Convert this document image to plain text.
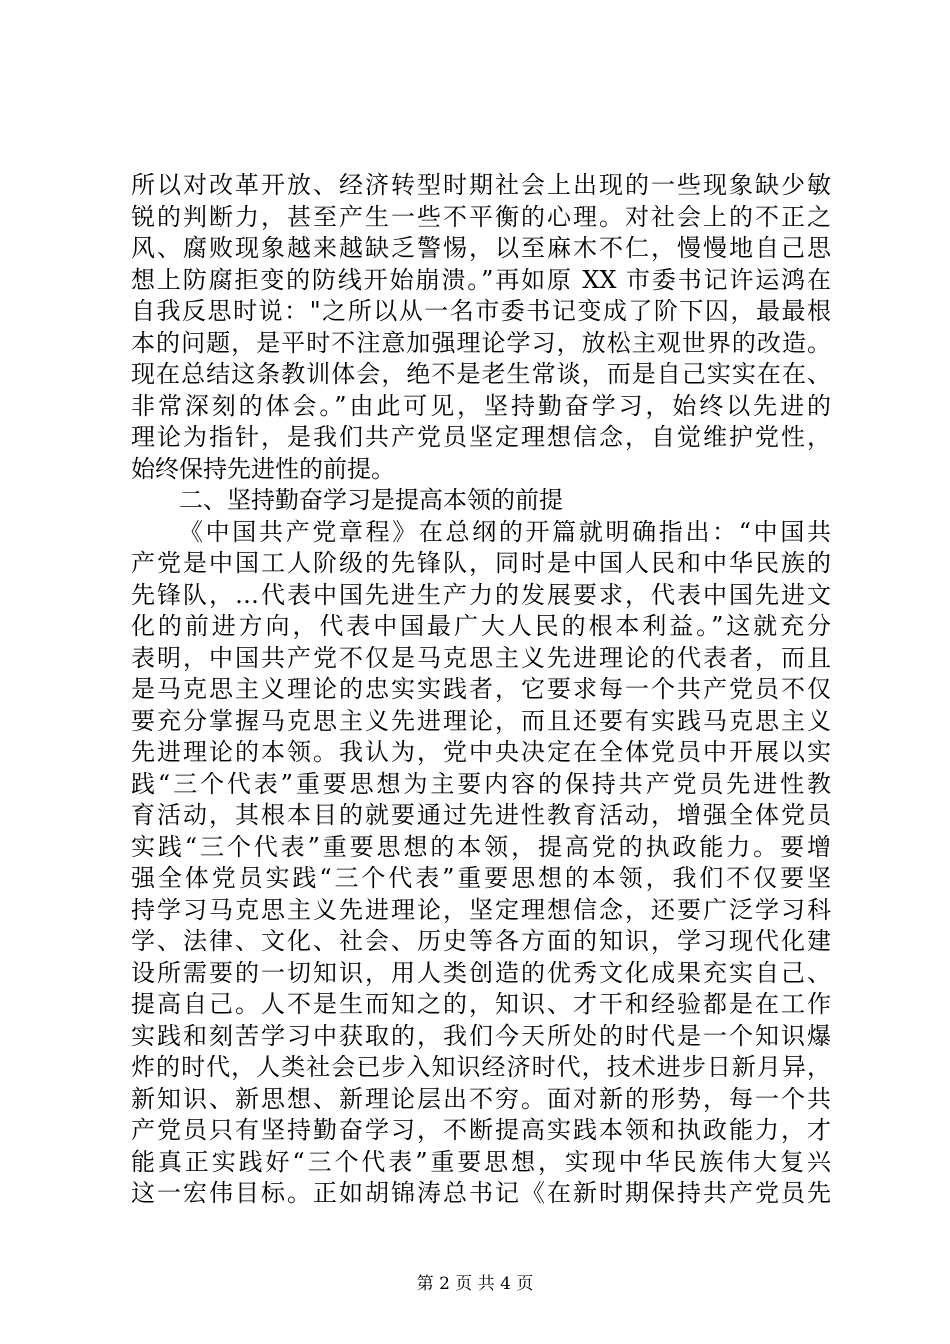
所以对改革开放、经济转型时期社会上出现的一些现象缺少敏
锐的判断力，甚至产生一些不平衡的心理。对社会上的不正之
风、腐败现象越来越缺乏警惕，以至麻木不仁，慢慢地自己思
想上防腐拒变的防线开始崩溃。”再如原 XX 市委书记许运鸿在
自我反思时说："之所以从一名市委书记变成了阶下囚，最最根
本的问题，是平时不注意加强理论学习，放松主观世界的改造。
现在总结这条教训体会，绝不是老生常谈，而是自己实实在在、
非常深刻的体会。”由此可见，坚持勤奋学习，始终以先进的
理论为指针，是我们共产党员坚定理想信念，自觉维护党性，
始终保持先进性的前提。
二、坚持勤奋学习是提高本领的前提
《中国共产党章程》在总纲的开篇就明确指出：“中国共
产党是中国工人阶级的先锋队，同时是中国人民和中华民族的
先锋队，…代表中国先进生产力的发展要求，代表中国先进文
化的前进方向，代表中国最广大人民的根本利益。”这就充分
表明，中国共产党不仅是马克思主义先进理论的代表者，而且
是马克思主义理论的忠实实践者，它要求每一个共产党员不仅
要充分掌握马克思主义先进理论，而且还要有实践马克思主义
先进理论的本领。我认为，党中央决定在全体党员中开展以实
践“三个代表”重要思想为主要内容的保持共产党员先进性教
育活动，其根本目的就要通过先进性教育活动，增强全体党员
实践“三个代表”重要思想的本领，提高党的执政能力。要增
强全体党员实践“三个代表”重要思想的本领，我们不仅要坚
持学习马克思主义先进理论，坚定理想信念，还要广泛学习科
学、法律、文化、社会、历史等各方面的知识，学习现代化建
设所需要的一切知识，用人类创造的优秀文化成果充实自己、
提高自己。人不是生而知之的，知识、才干和经验都是在工作
实践和刻苦学习中获取的，我们今天所处的时代是一个知识爆
炸的时代，人类社会已步入知识经济时代，技术进步日新月异，
新知识、新思想、新理论层出不穷。面对新的形势，每一个共
产党员只有坚持勤奋学习，不断提高实践本领和执政能力，才
能真正实践好“三个代表”重要思想，实现中华民族伟大复兴
这一宏伟目标。正如胡锦涛总书记《在新时期保持共产党员先
第 2 页 共 4 页
